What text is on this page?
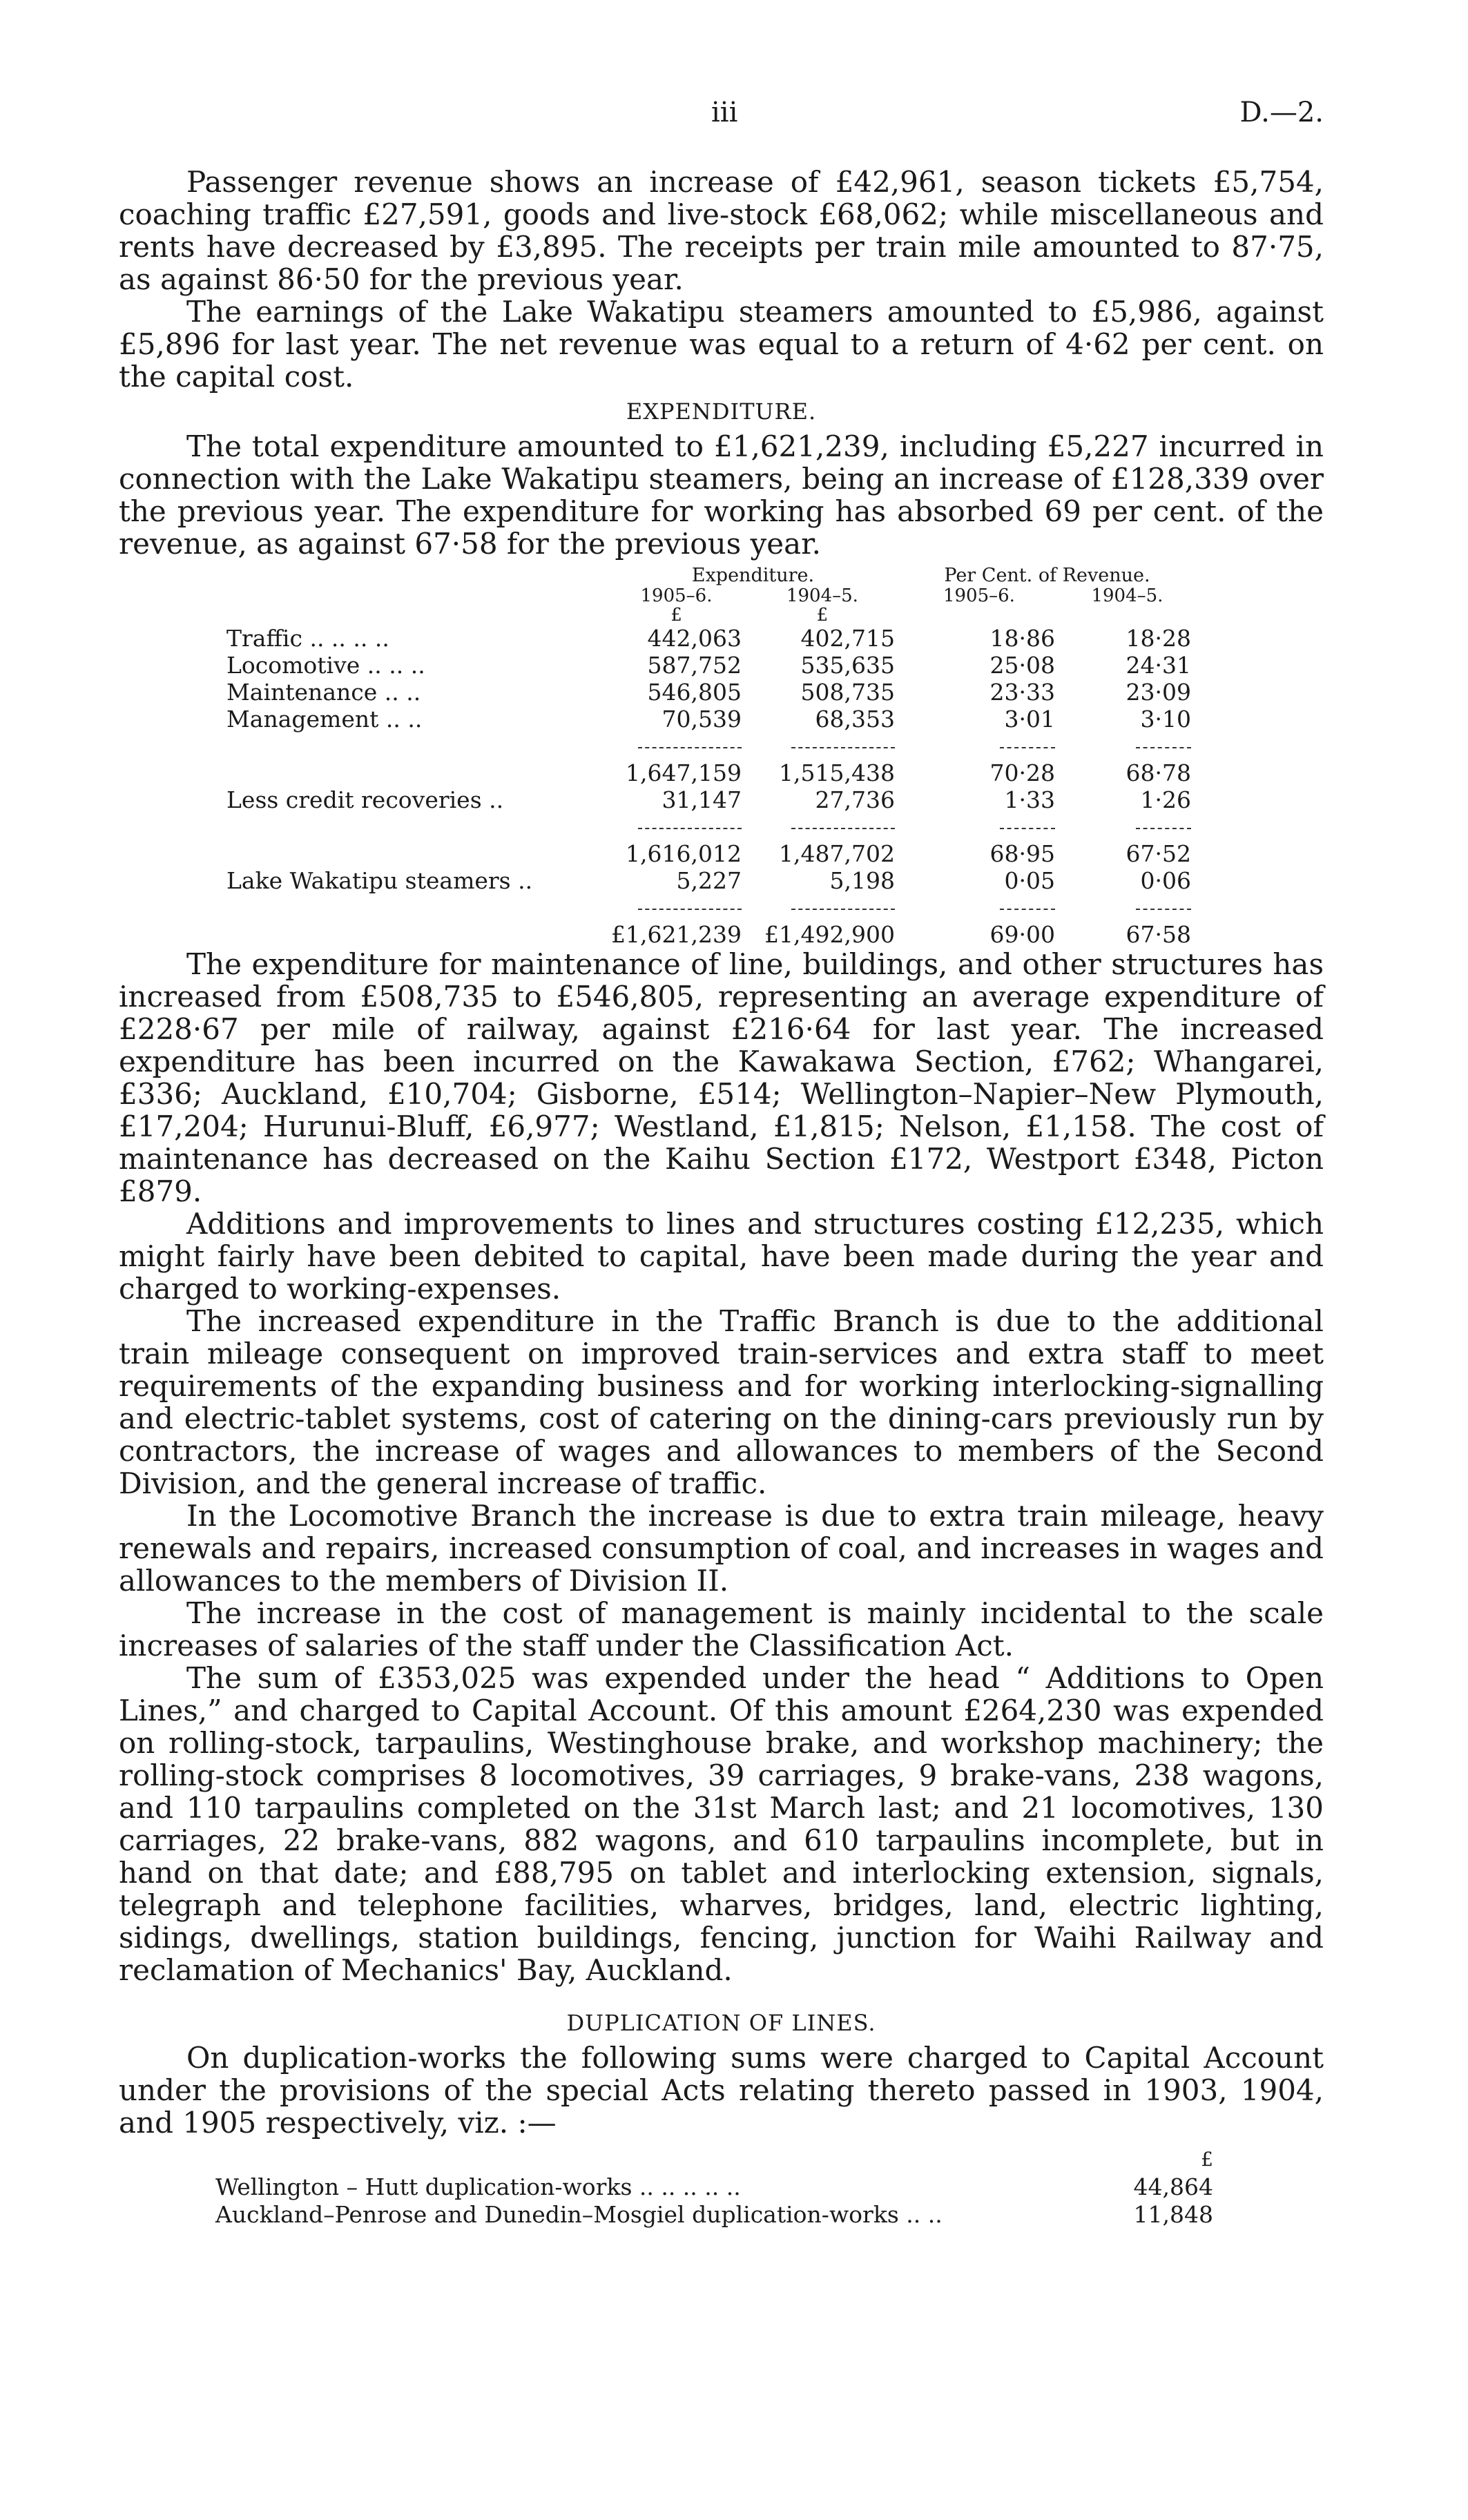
iii	D.—2.

Passenger revenue shows an increase of £42,961, season tickets £5,754, coaching traffic £27,591, goods and live-stock £68,062; while miscellaneous and rents have decreased by £3,895. The receipts per train mile amounted to 87·75, as against 86·50 for the previous year.

The earnings of the Lake Wakatipu steamers amounted to £5,986, against £5,896 for last year. The net revenue was equal to a return of 4·62 per cent. on the capital cost.

EXPENDITURE.

The total expenditure amounted to £1,621,239, including £5,227 incurred in connection with the Lake Wakatipu steamers, being an increase of £128,339 over the previous year. The expenditure for working has absorbed 69 per cent. of the revenue, as against 67·58 for the previous year.

	Expenditure.		Per Cent. of Revenue.	
	1905–6.	1904–5.	1905–6.	1904–5.
	£	£		
Traffic .. .. .. ..	442,063	402,715	18·86	18·28
Locomotive .. .. ..	587,752	535,635	25·08	24·31
Maintenance .. ..	546,805	508,735	23·33	23·09
Management .. ..	70,539	68,353	3·01	3·10

	1,647,159	1,515,438	70·28	68·78
Less credit recoveries ..	31,147	27,736	1·33	1·26

	1,616,012	1,487,702	68·95	67·52
Lake Wakatipu steamers ..	5,227	5,198	0·05	0·06

	£1,621,239	£1,492,900	69·00	67·58

The expenditure for maintenance of line, buildings, and other structures has increased from £508,735 to £546,805, representing an average expenditure of £228·67 per mile of railway, against £216·64 for last year. The increased expenditure has been incurred on the Kawakawa Section, £762; Whangarei, £336; Auckland, £10,704; Gisborne, £514; Wellington–Napier–New Plymouth, £17,204; Hurunui-Bluff, £6,977; Westland, £1,815; Nelson, £1,158. The cost of maintenance has decreased on the Kaihu Section £172, Westport £348, Picton £879.

Additions and improvements to lines and structures costing £12,235, which might fairly have been debited to capital, have been made during the year and charged to working-expenses.

The increased expenditure in the Traffic Branch is due to the additional train mileage consequent on improved train-services and extra staff to meet requirements of the expanding business and for working interlocking-signalling and electric-tablet systems, cost of catering on the dining-cars previously run by contractors, the increase of wages and allowances to members of the Second Division, and the general increase of traffic.

In the Locomotive Branch the increase is due to extra train mileage, heavy renewals and repairs, increased consumption of coal, and increases in wages and allowances to the members of Division II.

The increase in the cost of management is mainly incidental to the scale increases of salaries of the staff under the Classification Act.

The sum of £353,025 was expended under the head “ Additions to Open Lines,” and charged to Capital Account. Of this amount £264,230 was expended on rolling-stock, tarpaulins, Westinghouse brake, and workshop machinery; the rolling-stock comprises 8 locomotives, 39 carriages, 9 brake-vans, 238 wagons, and 110 tarpaulins completed on the 31st March last; and 21 locomotives, 130 carriages, 22 brake-vans, 882 wagons, and 610 tarpaulins incomplete, but in hand on that date; and £88,795 on tablet and interlocking extension, signals, telegraph and telephone facilities, wharves, bridges, land, electric lighting, sidings, dwellings, station buildings, fencing, junction for Waihi Railway and reclamation of Mechanics' Bay, Auckland.

DUPLICATION OF LINES.

On duplication-works the following sums were charged to Capital Account under the provisions of the special Acts relating thereto passed in 1903, 1904, and 1905 respectively, viz. :—

£
Wellington – Hutt duplication-works .. .. .. .. ..	44,864
Auckland–Penrose and Dunedin–Mosgiel duplication-works .. ..	11,848
